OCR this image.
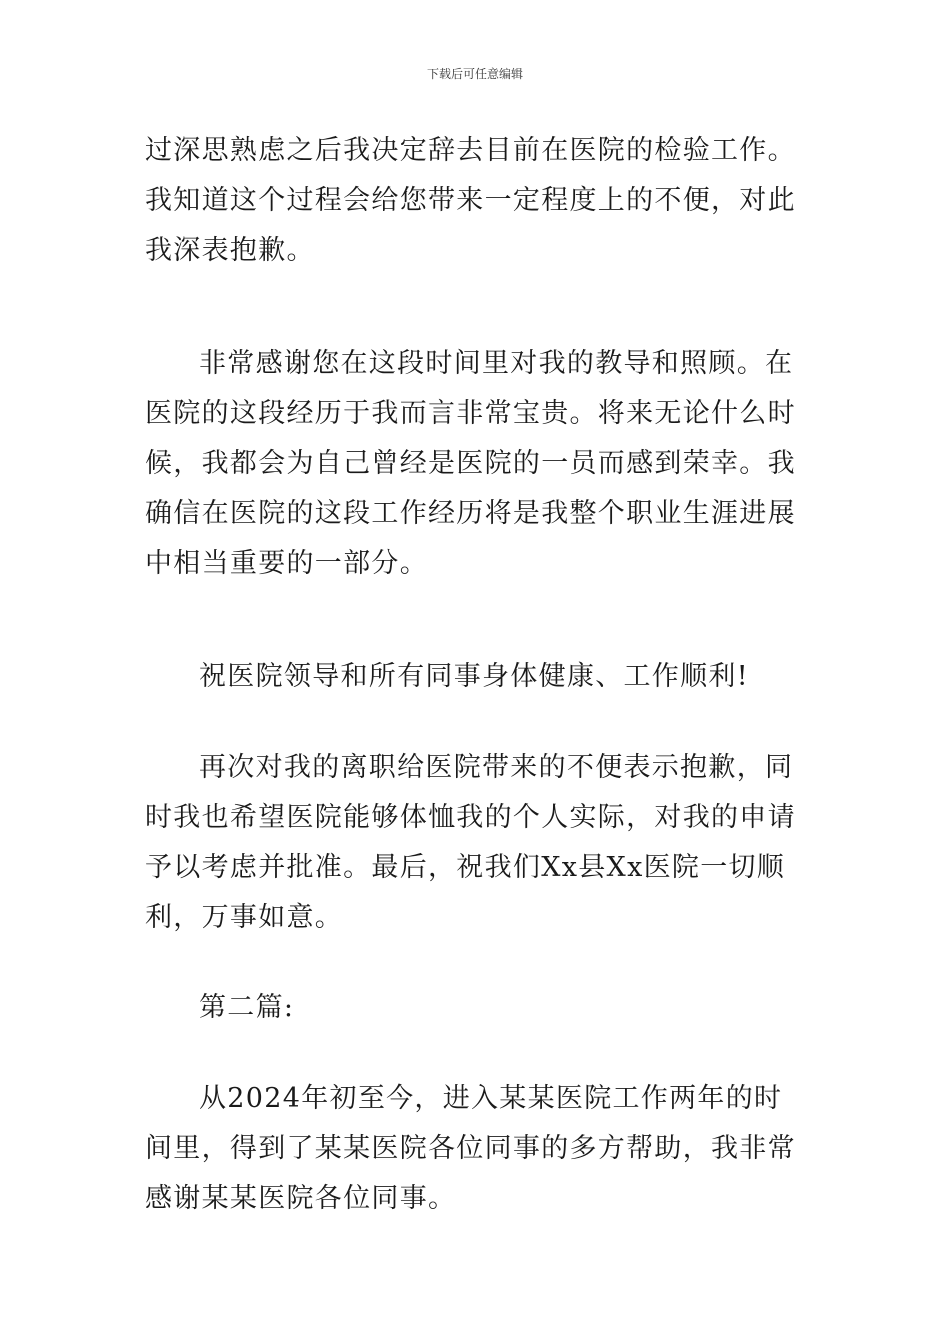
下载后可任意编辑

过深思熟虑之后我决定辞去目前在医院的检验工作。我知道这个过程会给您带来一定程度上的不便，对此我深表抱歉。

非常感谢您在这段时间里对我的教导和照顾。在医院的这段经历于我而言非常宝贵。将来无论什么时候，我都会为自己曾经是医院的一员而感到荣幸。我确信在医院的这段工作经历将是我整个职业生涯进展中相当重要的一部分。

祝医院领导和所有同事身体健康、工作顺利!

再次对我的离职给医院带来的不便表示抱歉，同时我也希望医院能够体恤我的个人实际，对我的申请予以考虑并批准。最后，祝我们Xx县Xx医院一切顺利，万事如意。

第二篇:

从2024年初至今，进入某某医院工作两年的时间里，得到了某某医院各位同事的多方帮助，我非常感谢某某医院各位同事。
